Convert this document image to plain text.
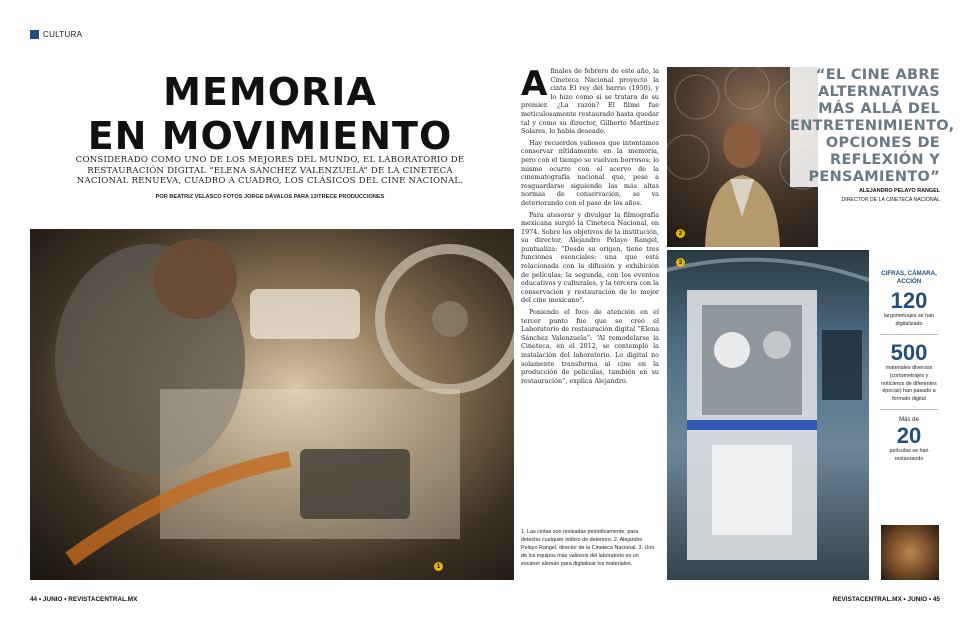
CULTURA
MEMORIA
EN MOVIMIENTO
CONSIDERADO COMO UNO DE LOS MEJORES DEL MUNDO, EL LABORATORIO DE RESTAURACIÓN DIGITAL “ELENA SÁNCHEZ VALENZUELA” DE LA CINETECA NACIONAL RENUEVA, CUADRO A CUADRO, LOS CLÁSICOS DEL CINE NACIONAL.
POR BEATRIZ VELASCO FOTOS JORGE DÁVALOS PARA 13/TRECE PRODUCCIONES
1
A finales de febrero de este año, la Cineteca Nacional proyectó la cinta El rey del barrio (1950), y lo hizo como si se tratara de su premier. ¿La razón? El filme fue meticulosamente restaurado hasta quedar tal y como su director, Gilberto Martínez Solares, lo había deseado.

Hay recuerdos valiosos que intentamos conservar nítidamente en la memoria, pero con el tiempo se vuelven borrosos; lo mismo ocurre con el acervo de la cinematografía nacional que, pese a resguardarse siguiendo las más altas normas de conservación, se va deteriorando con el paso de los años.

Para atesorar y divulgar la filmografía mexicana surgió la Cineteca Nacional, en 1974. Sobre los objetivos de la institución, su director, Alejandro Pelayo Rangel, puntualiza: “Desde su origen, tiene tres funciones esenciales: una que está relacionada con la difusión y exhibición de películas; la segunda, con los eventos educativos y culturales, y la tercera con la conservación y restauración de lo mejor del cine mexicano”.

Poniendo el foco de atención en el tercer punto fue que se creó el Laboratorio de restauración digital “Elena Sánchez Valenzuela”: “Al remodelarse la Cineteca, en el 2012, se contempló la instalación del laboratorio. Lo digital no solamente transforma al cine en la producción de películas, también en su restauración”, explica Alejandro.

1. Las cintas son revisadas periódicamente, para detectar cualquier indicio de deterioro. 2. Alejandro Pelayo Rangel, director de la Cineteca Nacional. 3. Uno de los equipos más valiosos del laboratorio es un escáner alemán para digitalizar los materiales.
2
“EL CINE ABRE ALTERNATIVAS MÁS ALLÁ DEL ENTRETENIMIENTO, OPCIONES DE REFLEXIÓN Y PENSAMIENTO”
ALEJANDRO PELAYO RANGEL
DIRECTOR DE LA CINETECA NACIONAL
3
CIFRAS, CÁMARA, ACCIÓN
120
largometrajes se han digitalizado
500
materiales diversos (cortometrajes y noticieros de diferentes épocas) han pasado a formato digital
Más de
20
películas se han restaurando
44 • JUNIO • REVISTACENTRAL.MX	REVISTACENTRAL.MX • JUNIO • 45
